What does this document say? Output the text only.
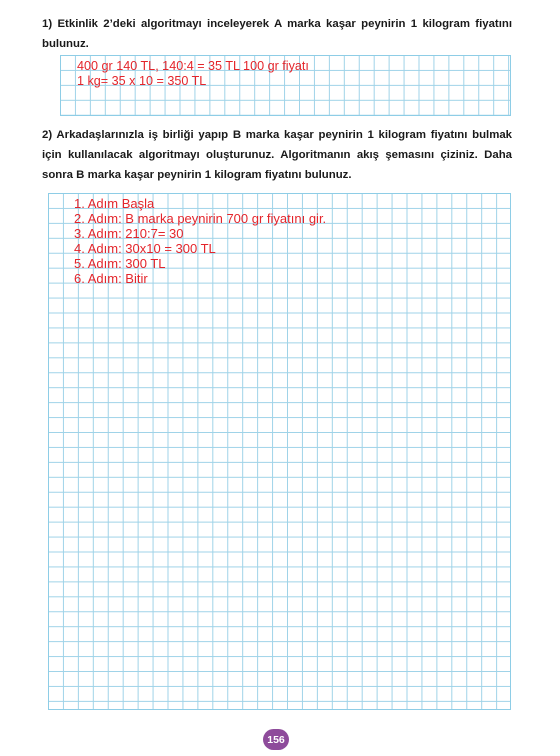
1) Etkinlik 2’deki algoritmayı inceleyerek A marka kaşar peynirin 1 kilogram fiyatını bulunuz.

400 gr 140 TL, 140:4 = 35 TL 100 gr fiyatı
1 kg= 35 x 10 = 350 TL

2) Arkadaşlarınızla iş birliği yapıp B marka kaşar peynirin 1 kilogram fiyatını bulmak için kullanılacak algoritmayı oluşturunuz. Algoritmanın akış şemasını çiziniz. Daha sonra B marka kaşar peynirin 1 kilogram fiyatını bulunuz.

1. Adım Başla
2. Adım: B marka peynirin 700 gr fiyatını gir.
3. Adım: 210:7= 30
4. Adım: 30x10 = 300 TL
5. Adım: 300 TL
6. Adım: Bitir
156
